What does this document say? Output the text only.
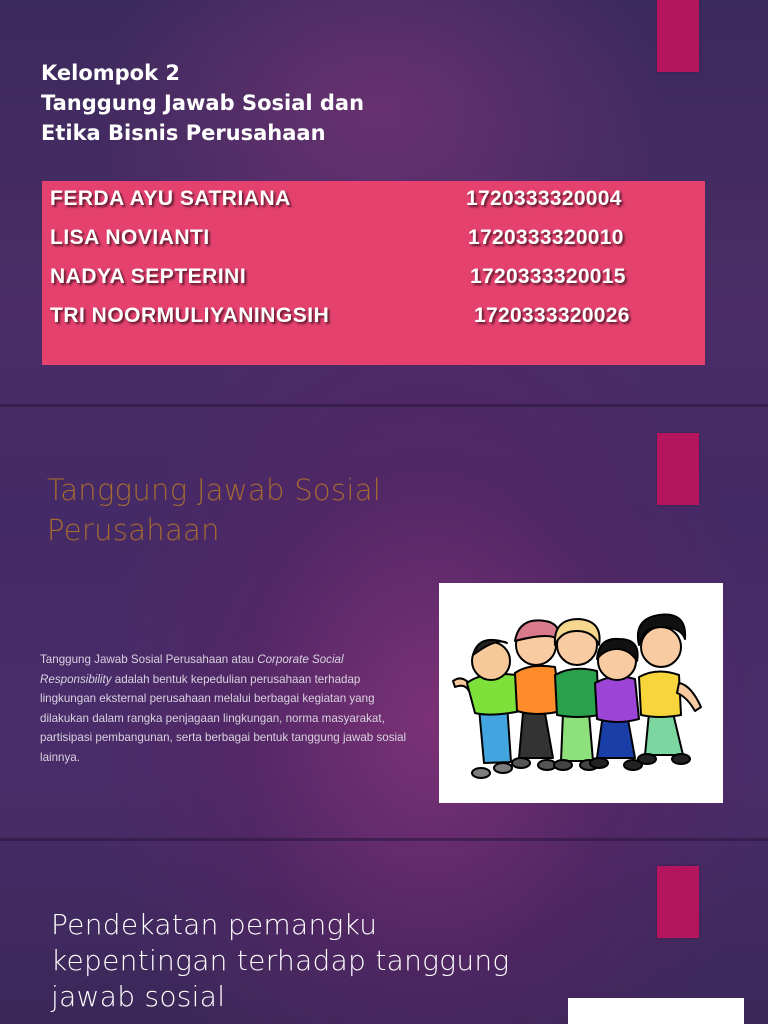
Kelompok 2
Tanggung Jawab Sosial dan
Etika Bisnis Perusahaan
FERDA AYU SATRIANA	1720333320004
LISA NOVIANTI	1720333320010
NADYA SEPTERINI	1720333320015
TRI NOORMULIYANINGSIH	1720333320026
Tanggung Jawab Sosial
Perusahaan
Tanggung Jawab Sosial Perusahaan atau Corporate Social Responsibility adalah bentuk kepedulian perusahaan terhadap lingkungan eksternal perusahaan melalui berbagai kegiatan yang dilakukan dalam rangka penjagaan lingkungan, norma masyarakat, partisipasi pembangunan, serta berbagai bentuk tanggung jawab sosial lainnya.
Pendekatan pemangku
kepentingan terhadap tanggung
jawab sosial
